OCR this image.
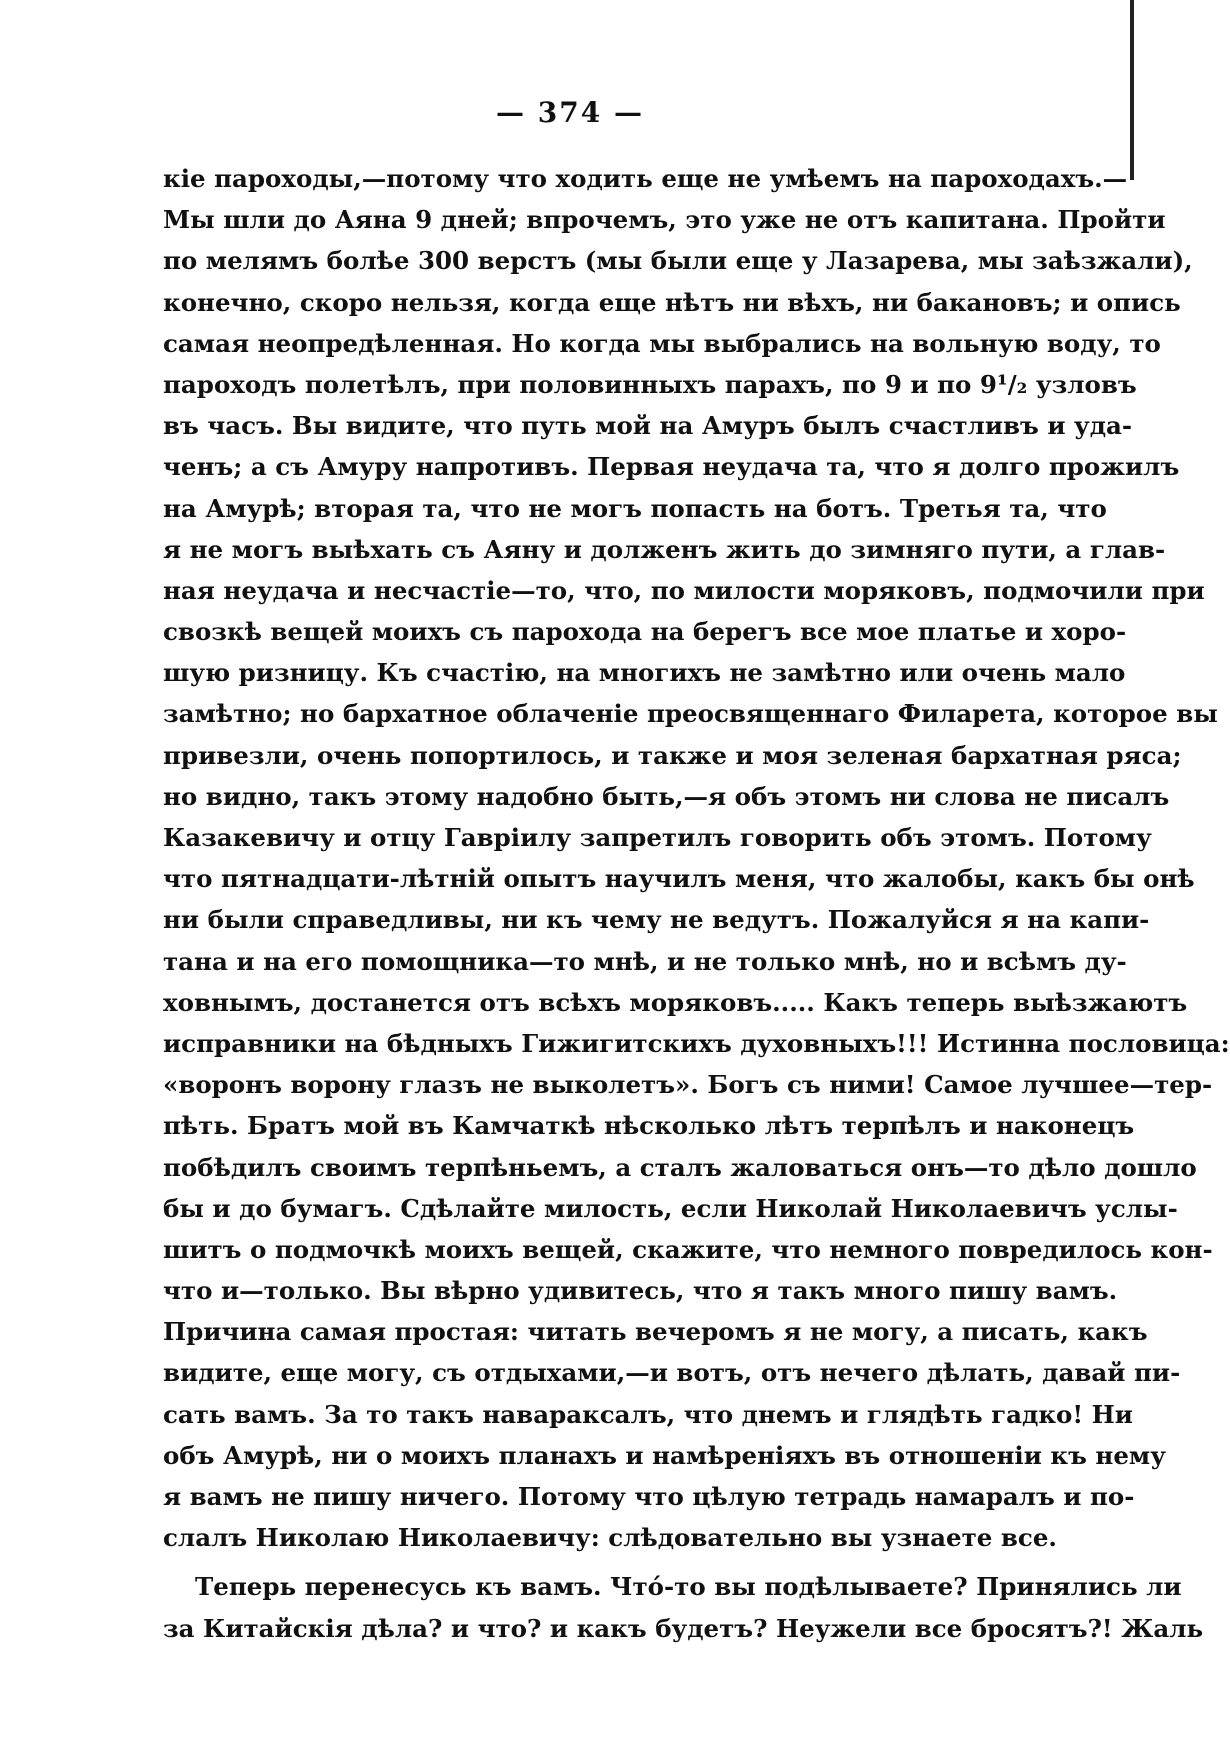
— 374 —
кіе пароходы,—потому что ходить еще не умѣемъ на пароходахъ.—
Мы шли до Аяна 9 дней; впрочемъ, это уже не отъ капитана. Пройти
по мелямъ болѣе 300 верстъ (мы были еще у Лазарева, мы заѣзжали),
конечно, скоро нельзя, когда еще нѣтъ ни вѣхъ, ни бакановъ; и опись
самая неопредѣленная. Но когда мы выбрались на вольную воду, то
пароходъ полетѣлъ, при половинныхъ парахъ, по 9 и по 9¹/₂ узловъ
въ часъ. Вы видите, что путь мой на Амуръ былъ счастливъ и уда-
ченъ; а съ Амуру напротивъ. Первая неудача та, что я долго прожилъ
на Амурѣ; вторая та, что не могъ попасть на ботъ. Третья та, что
я не могъ выѣхать съ Аяну и долженъ жить до зимняго пути, а глав-
ная неудача и несчастіе—то, что, по милости моряковъ, подмочили при
свозкѣ вещей моихъ съ парохода на берегъ все мое платье и хоро-
шую ризницу. Къ счастію, на многихъ не замѣтно или очень мало
замѣтно; но бархатное облаченіе преосвященнаго Филарета, которое вы
привезли, очень попортилось, и также и моя зеленая бархатная ряса;
но видно, такъ этому надобно быть,—я объ этомъ ни слова не писалъ
Казакевичу и отцу Гавріилу запретилъ говорить объ этомъ. Потому
что пятнадцати-лѣтній опытъ научилъ меня, что жалобы, какъ бы онѣ
ни были справедливы, ни къ чему не ведутъ. Пожалуйся я на капи-
тана и на его помощника—то мнѣ, и не только мнѣ, но и всѣмъ ду-
ховнымъ, достанется отъ всѣхъ моряковъ..... Какъ теперь выѣзжаютъ
исправники на бѣдныхъ Гижигитскихъ духовныхъ!!! Истинна пословица:
«воронъ ворону глазъ не выколетъ». Богъ съ ними! Самое лучшее—тер-
пѣть. Братъ мой въ Камчаткѣ нѣсколько лѣтъ терпѣлъ и наконецъ
побѣдилъ своимъ терпѣньемъ, а сталъ жаловаться онъ—то дѣло дошло
бы и до бумагъ. Сдѣлайте милость, если Николай Николаевичъ услы-
шитъ о подмочкѣ моихъ вещей, скажите, что немного повредилось кон-
что и—только. Вы вѣрно удивитесь, что я такъ много пишу вамъ.
Причина самая простая: читать вечеромъ я не могу, а писать, какъ
видите, еще могу, съ отдыхами,—и вотъ, отъ нечего дѣлать, давай пи-
сать вамъ. За то такъ навараксалъ, что днемъ и глядѣть гадко! Ни
объ Амурѣ, ни о моихъ планахъ и намѣреніяхъ въ отношеніи къ нему
я вамъ не пишу ничего. Потому что цѣлую тетрадь намаралъ и по-
слалъ Николаю Николаевичу: слѣдовательно вы узнаете все.
Теперь перенесусь къ вамъ. Чтó-то вы подѣлываете? Принялись ли
за Китайскія дѣла? и что? и какъ будетъ? Неужели все бросятъ?! Жаль
